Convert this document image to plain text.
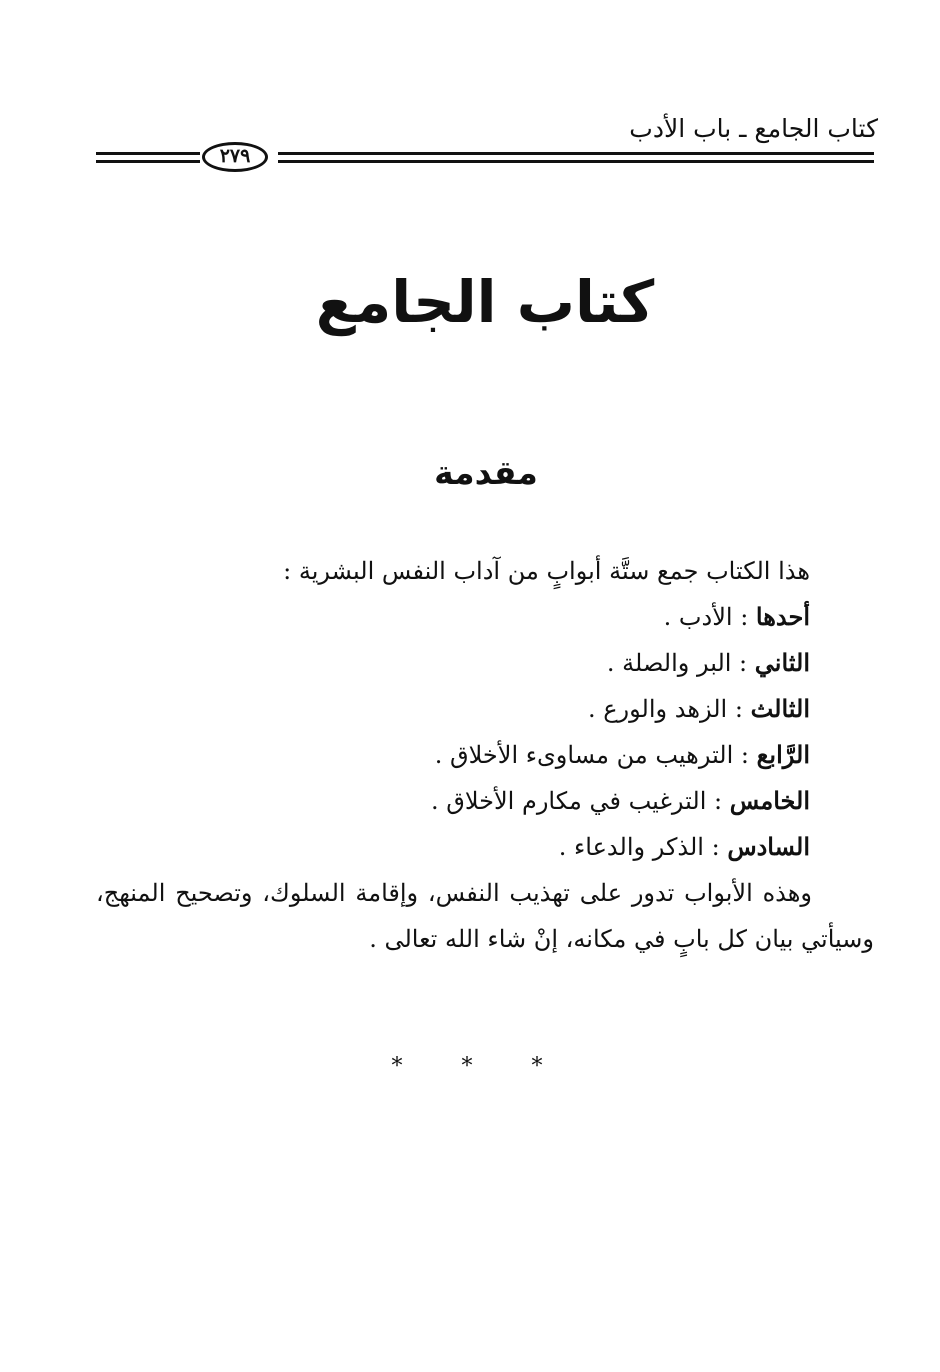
كتاب الجامع ـ باب الأدب
٢٧٩
كتاب الجامع
مقدمة
هذا الكتاب جمع ستَّة أبوابٍ من آداب النفس البشرية :
أحدها : الأدب .
الثاني : البر والصلة .
الثالث : الزهد والورع .
الرَّابع : الترهيب من مساوىء الأخلاق .
الخامس : الترغيب في مكارم الأخلاق .
السادس : الذكر والدعاء .

وهذه الأبواب تدور على تهذيب النفس، وإقامة السلوك، وتصحيح المنهج، وسيأتي بيان كل بابٍ في مكانه، إنْ شاء الله تعالى .

* * *
